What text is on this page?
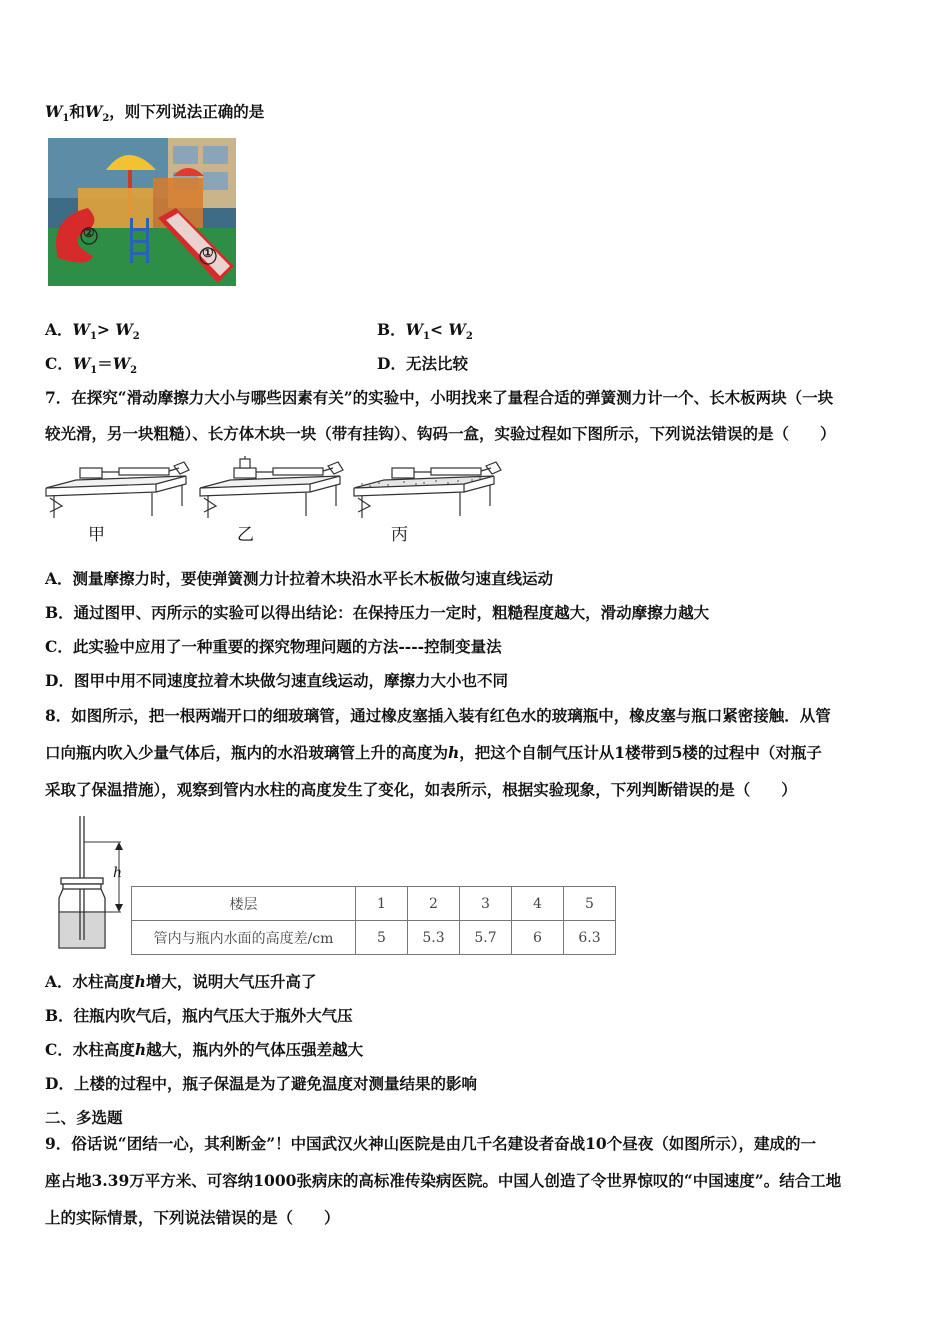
$W_1$和$W_2$，则下列说法正确的是
②
①
A．$W_1> W_2$	B．$W_1< W_2$
C．$W_1=W_2$	D．无法比较
7．在探究“滑动摩擦力大小与哪些因素有关”的实验中，小明找来了量程合适的弹簧测力计一个、长木板两块（一块
较光滑，另一块粗糙）、长方体木块一块（带有挂钩）、钩码一盒，实验过程如下图所示，下列说法错误的是（　　）
甲	乙	丙
A．测量摩擦力时，要使弹簧测力计拉着木块沿水平长木板做匀速直线运动
B．通过图甲、丙所示的实验可以得出结论：在保持压力一定时，粗糙程度越大，滑动摩擦力越大
C．此实验中应用了一种重要的探究物理问题的方法----控制变量法
D．图甲中用不同速度拉着木块做匀速直线运动，摩擦力大小也不同
8．如图所示，把一根两端开口的细玻璃管，通过橡皮塞插入装有红色水的玻璃瓶中，橡皮塞与瓶口紧密接触．从管
口向瓶内吹入少量气体后，瓶内的水沿玻璃管上升的高度为h，把这个自制气压计从1楼带到5楼的过程中（对瓶子
采取了保温措施），观察到管内水柱的高度发生了变化，如表所示，根据实验现象，下列判断错误的是（　　）
h
楼层	1	2	3	4	5
管内与瓶内水面的高度差/cm	5	5.3	5.7	6	6.3
A．水柱高度h增大，说明大气压升高了
B．往瓶内吹气后，瓶内气压大于瓶外大气压
C．水柱高度h越大，瓶内外的气体压强差越大
D．上楼的过程中，瓶子保温是为了避免温度对测量结果的影响
二、多选题
9．俗话说“团结一心，其利断金”！中国武汉火神山医院是由几千名建设者奋战10个昼夜（如图所示），建成的一
座占地3.39万平方米、可容纳1000张病床的高标准传染病医院。中国人创造了令世界惊叹的“中国速度”。结合工地
上的实际情景，下列说法错误的是（　　）
